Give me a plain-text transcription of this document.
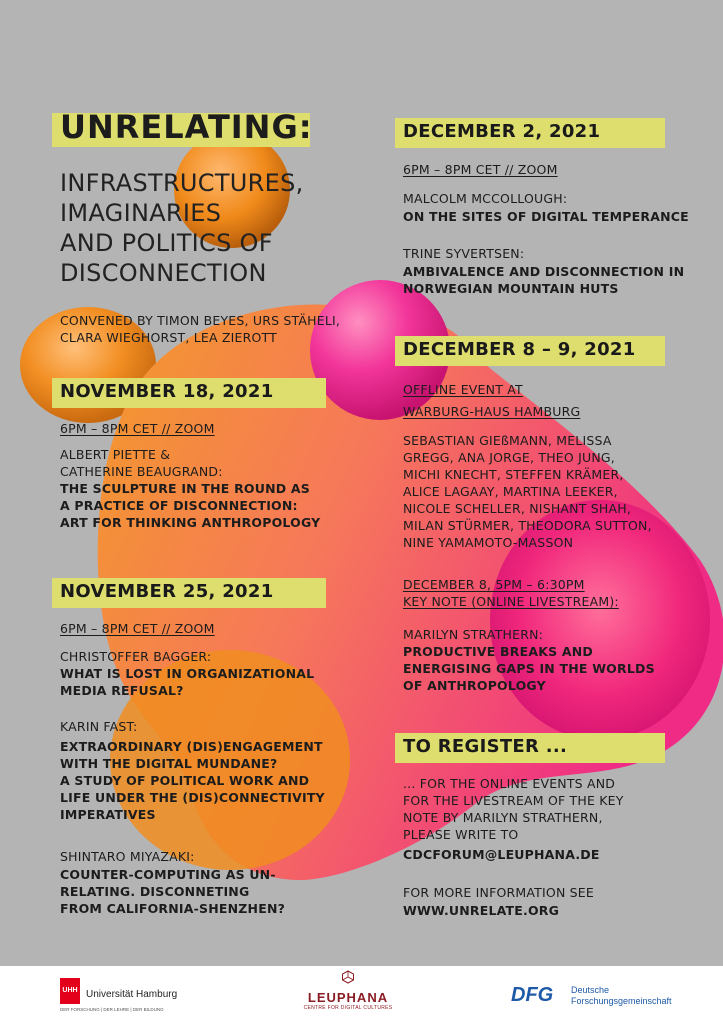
UNRELATING:
INFRASTRUCTURES,
IMAGINARIES
AND POLITICS OF
DISCONNECTION
CONVENED BY TIMON BEYES, URS STÄHELI,
CLARA WIEGHORST, LEA ZIEROTT
NOVEMBER 18, 2021
6PM – 8PM CET // ZOOM
ALBERT PIETTE &
CATHERINE BEAUGRAND:
THE SCULPTURE IN THE ROUND AS
A PRACTICE OF DISCONNECTION:
ART FOR THINKING ANTHROPOLOGY
NOVEMBER 25, 2021
6PM – 8PM CET // ZOOM
CHRISTOFFER BAGGER:
WHAT IS LOST IN ORGANIZATIONAL
MEDIA REFUSAL?
KARIN FAST:
EXTRAORDINARY (DIS)ENGAGEMENT
WITH THE DIGITAL MUNDANE?
A STUDY OF POLITICAL WORK AND
LIFE UNDER THE (DIS)CONNECTIVITY
IMPERATIVES
SHINTARO MIYAZAKI:
COUNTER-COMPUTING AS UN-
RELATING. DISCONNETING
FROM CALIFORNIA-SHENZHEN?
DECEMBER 2, 2021
6PM – 8PM CET // ZOOM
MALCOLM MCCOLLOUGH:
ON THE SITES OF DIGITAL TEMPERANCE
TRINE SYVERTSEN:
AMBIVALENCE AND DISCONNECTION IN
NORWEGIAN MOUNTAIN HUTS
DECEMBER 8 – 9, 2021
OFFLINE EVENT AT
WARBURG-HAUS HAMBURG
SEBASTIAN GIEßMANN, MELISSA
GREGG, ANA JORGE, THEO JUNG,
MICHI KNECHT, STEFFEN KRÄMER,
ALICE LAGAAY, MARTINA LEEKER,
NICOLE SCHELLER, NISHANT SHAH,
MILAN STÜRMER, THEODORA SUTTON,
NINE YAMAMOTO-MASSON
DECEMBER 8, 5PM – 6:30PM
KEY NOTE (ONLINE LIVESTREAM):
MARILYN STRATHERN:
PRODUCTIVE BREAKS AND
ENERGISING GAPS IN THE WORLDS
OF ANTHROPOLOGY
TO REGISTER ...
... FOR THE ONLINE EVENTS AND
FOR THE LIVESTREAM OF THE KEY
NOTE BY MARILYN STRATHERN,
PLEASE WRITE TO
CDCFORUM@LEUPHANA.DE
FOR MORE INFORMATION SEE
WWW.UNRELATE.ORG
UHH Universität Hamburg
DER FORSCHUNG | DER LEHRE | DER BILDUNG
LEUPHANA
CENTRE FOR DIGITAL CULTURES
DFG Deutsche
Forschungsgemeinschaft
